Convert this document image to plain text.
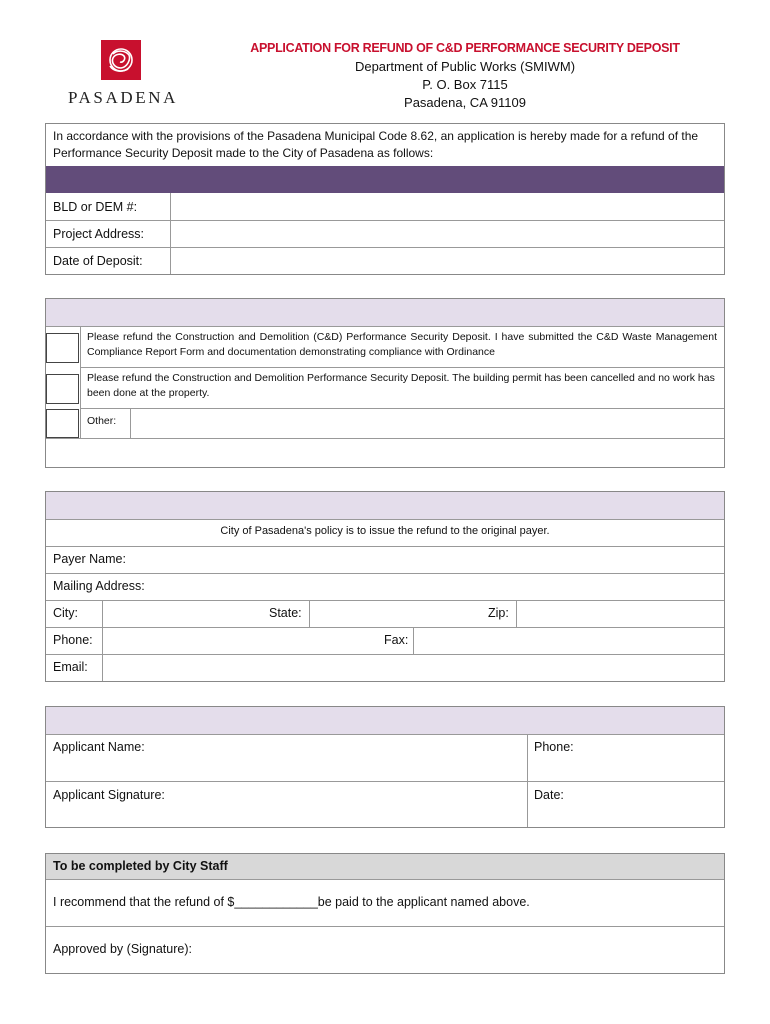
PASADENA
APPLICATION FOR REFUND OF C&D PERFORMANCE SECURITY DEPOSIT
Department of Public Works (SMIWM)
P. O. Box 7115
Pasadena, CA 91109
In accordance with the provisions of the Pasadena Municipal Code 8.62, an application is hereby made for a refund of the Performance Security Deposit made to the City of Pasadena as follows:
BLD or DEM #:
Project Address:
Date of Deposit:
Please refund the Construction and Demolition (C&D) Performance Security Deposit. I have submitted the C&D Waste Management Compliance Report Form and documentation demonstrating compliance with Ordinance
Please refund the Construction and Demolition Performance Security Deposit. The building permit has been cancelled and no work has been done at the property.
Other:
City of Pasadena's policy is to issue the refund to the original payer.
Payer Name:
Mailing Address:
City:	State:	Zip:
Phone:	Fax:
Email:
Applicant Name:	Phone:
Applicant Signature:	Date:
To be completed by City Staff
I recommend that the refund of $____________be paid to the applicant named above.
Approved by (Signature):
